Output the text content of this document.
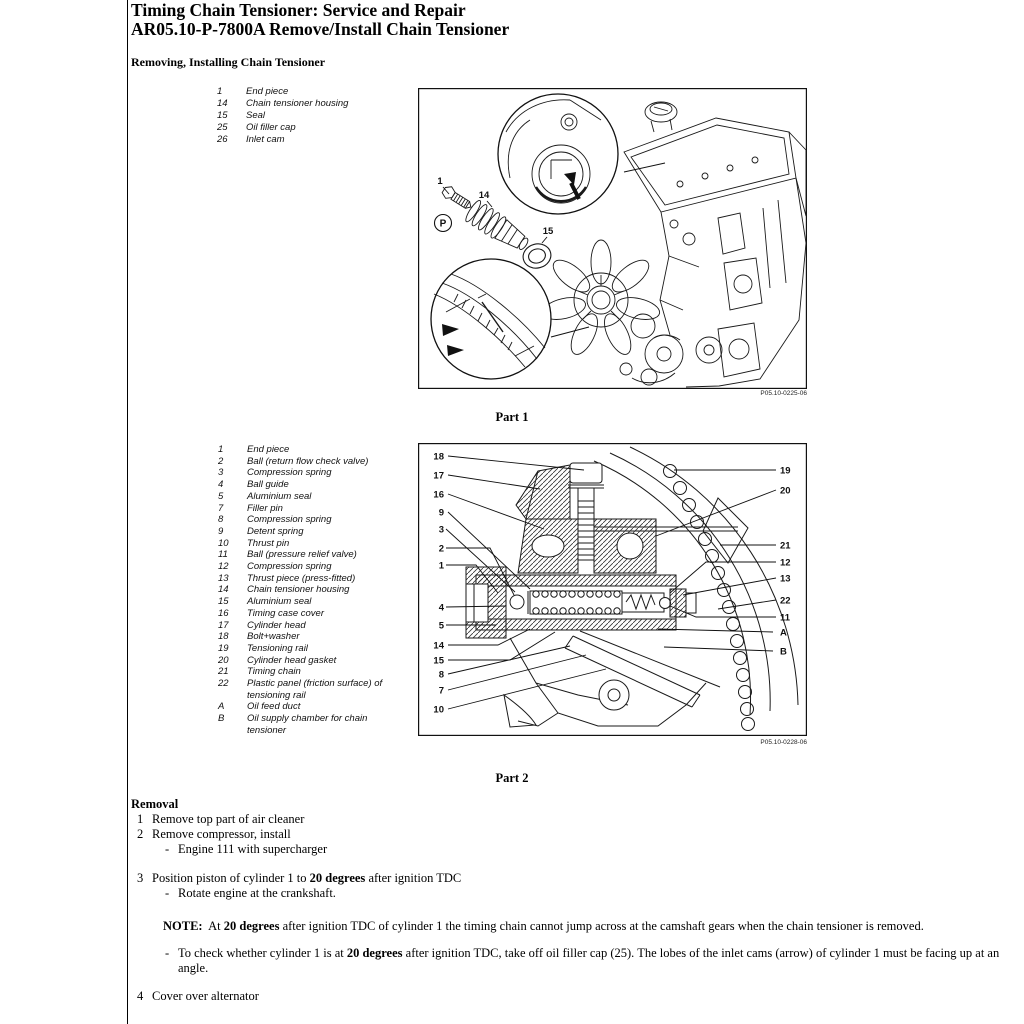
Timing Chain Tensioner: Service and Repair
AR05.10-P-7800A Remove/Install Chain Tensioner
Removing, Installing Chain Tensioner
1	End piece
14	Chain tensioner housing
15	Seal
25	Oil filler cap
26	Inlet cam
1
P
14
15
P05.10-0225-06
Part 1
1	End piece
2	Ball (return flow check valve)
3	Compression spring
4	Ball guide
5	Aluminium seal
7	Filler pin
8	Compression spring
9	Detent spring
10	Thrust pin
11	Ball (pressure relief valve)
12	Compression spring
13	Thrust piece (press-fitted)
14	Chain tensioner housing
15	Aluminium seal
16	Timing case cover
17	Cylinder head
18	Bolt+washer
19	Tensioning rail
20	Cylinder head gasket
21	Timing chain
22	Plastic panel (friction surface) of tensioning rail
A	Oil feed duct
B	Oil supply chamber for chain tensioner
18
17
16
9
3
2
1
4
5
14
15
8
7
10
19
20
21
12
13
22
11
A
B
P05.10-0228-06
Part 2
Removal
1 Remove top part of air cleaner
2 Remove compressor, install
- Engine 111 with supercharger
3 Position piston of cylinder 1 to 20 degrees after ignition TDC
- Rotate engine at the crankshaft.
NOTE:  At 20 degrees after ignition TDC of cylinder 1 the timing chain cannot jump across at the camshaft gears when the chain tensioner is removed.
- To check whether cylinder 1 is at 20 degrees after ignition TDC, take off oil filler cap (25). The lobes of the inlet cams (arrow) of cylinder 1 must be facing up at an angle.
4 Cover over alternator
